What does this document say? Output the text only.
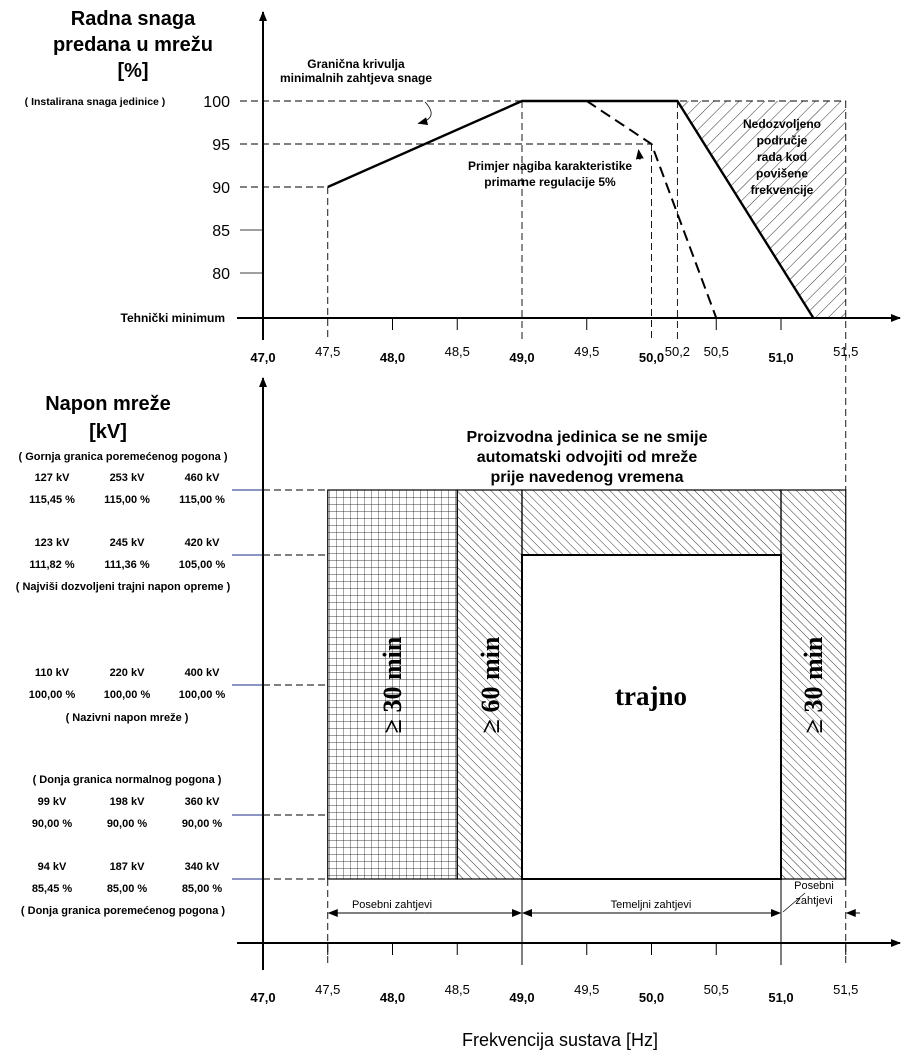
Nedozvoljeno
područje
rada kod
povišene
frekvencije
47,0	48,0	49,0	50,0	51,0
47,5	48,5	49,5	50,2 50,5	51,5
47,0	48,0	49,0	50,0	51,0
47,5	48,5	49,5	50,5	51,5
Radna snaga
predana u mrežu
[%]
( Instalirana snaga jedinice ) 100
95
90
85
80
Tehnički minimum
Granična krivulja
minimalnih zahtjeva snage
Primjer nagiba karakteristike
primarne regulacije 5%
Napon mreže
[kV]	Proizvodna jedinica se ne smije
automatski odvojiti od mreže
prije navedenog vremena
( Gornja granica poremećenog pogona )
( Najviši dozvoljeni trajni napon opreme )
( Nazivni napon mreže )
( Donja granica normalnog pogona )
( Donja granica poremećenog pogona )
127 kV	253 kV	460 kV
115,45 %	115,00 %	115,00 %
123 kV	245 kV	420 kV
111,82 %	111,36 %	105,00 %
110 kV	220 kV	400 kV
100,00 %	100,00 %	100,00 %
99 kV	198 kV	360 kV
90,00 %	90,00 %	90,00 %
94 kV	187 kV	340 kV
85,45 %	85,00 %	85,00 %
≥ 30 min	≥ 60 min	trajno	≥ 30 min
Posebni zahtjevi	Temeljni zahtjevi
Posebni
zahtjevi
Frekvencija sustava [Hz]
